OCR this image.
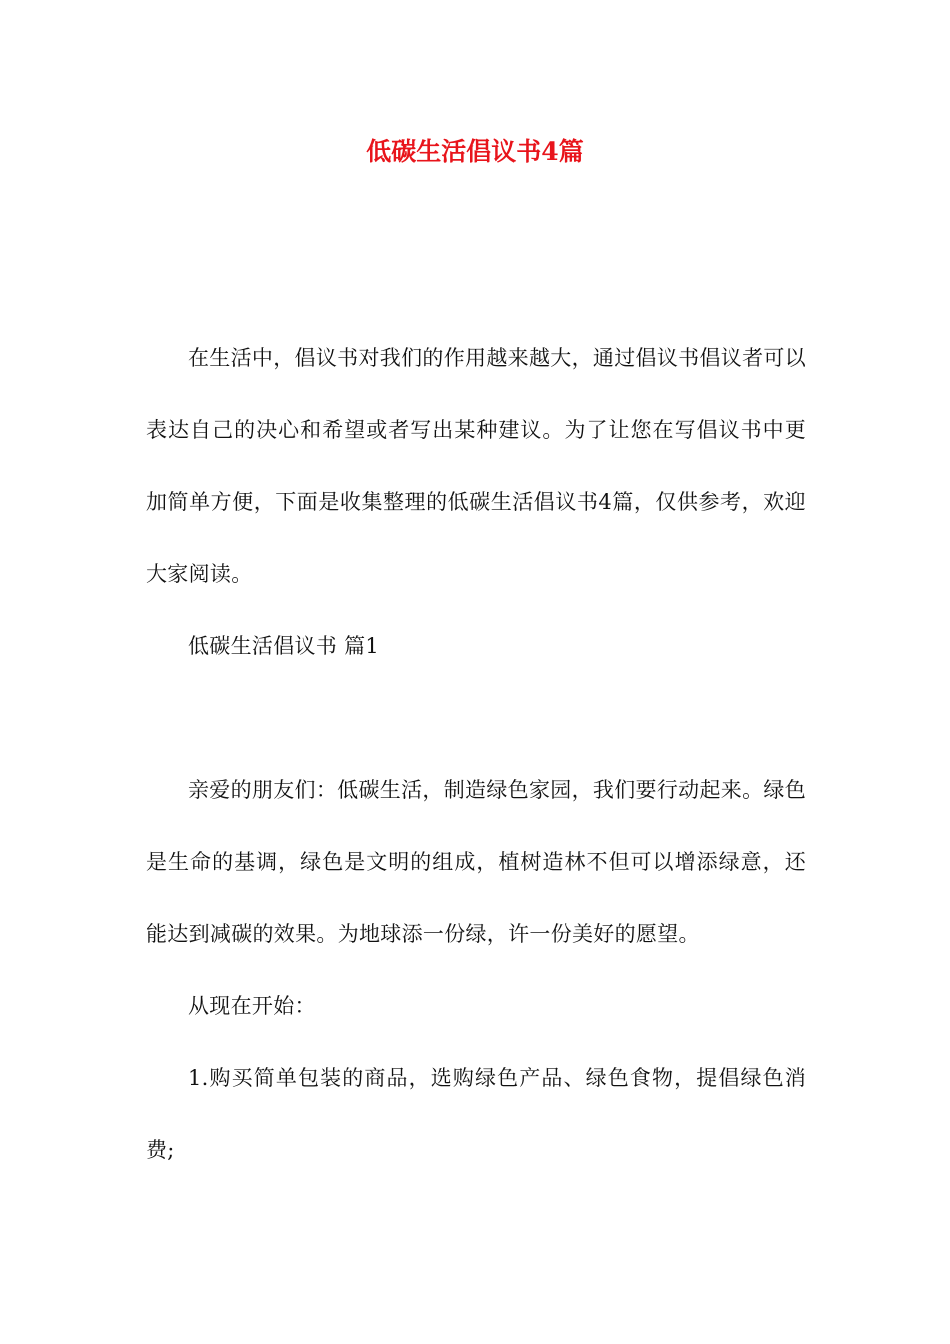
低碳生活倡议书4篇

在生活中，倡议书对我们的作用越来越大，通过倡议书倡议者可以表达自己的决心和希望或者写出某种建议。为了让您在写倡议书中更加简单方便，下面是收集整理的低碳生活倡议书4篇，仅供参考，欢迎大家阅读。

低碳生活倡议书 篇1

亲爱的朋友们：低碳生活，制造绿色家园，我们要行动起来。绿色是生命的基调，绿色是文明的组成，植树造林不但可以增添绿意，还能达到减碳的效果。为地球添一份绿，许一份美好的愿望。

从现在开始：

1.购买简单包装的商品，选购绿色产品、绿色食物，提倡绿色消费;
